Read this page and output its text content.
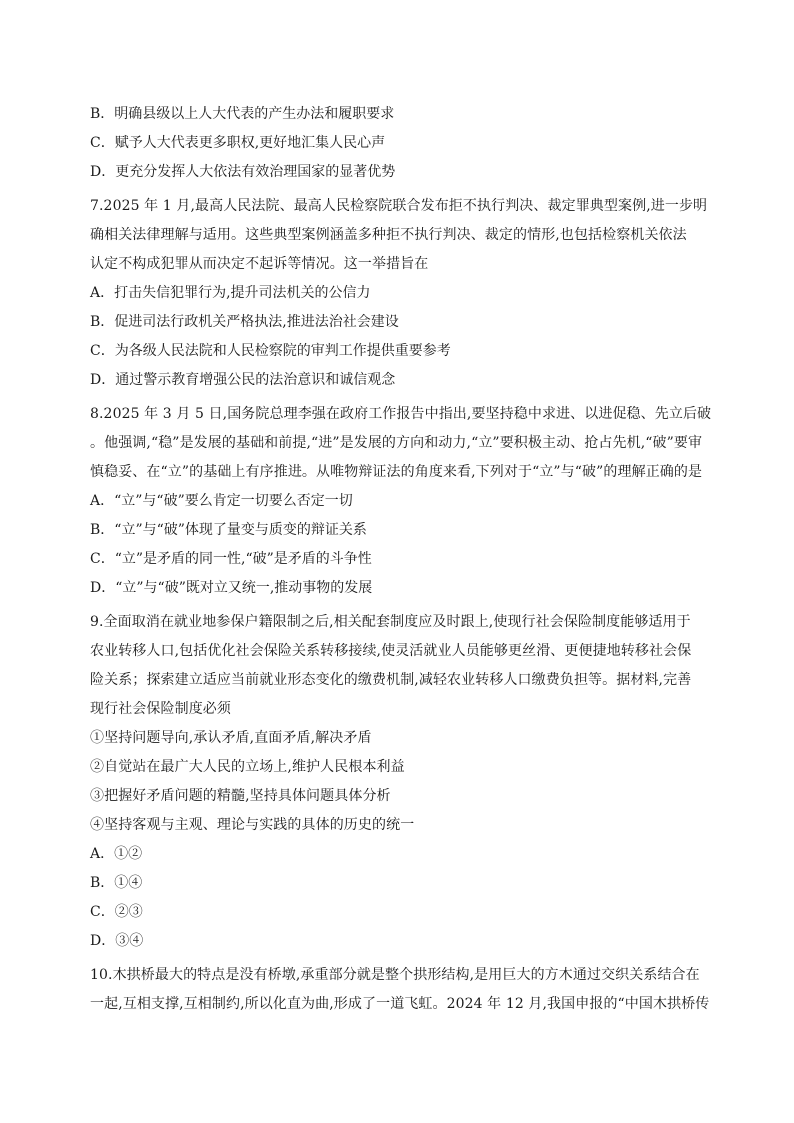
B．明确县级以上人大代表的产生办法和履职要求
C．赋予人大代表更多职权,更好地汇集人民心声
D．更充分发挥人大依法有效治理国家的显著优势
7.2025 年 1 月,最高人民法院、最高人民检察院联合发布拒不执行判决、裁定罪典型案例,进一步明
确相关法律理解与适用。这些典型案例涵盖多种拒不执行判决、裁定的情形,也包括检察机关依法
认定不构成犯罪从而决定不起诉等情况。这一举措旨在
A．打击失信犯罪行为,提升司法机关的公信力
B．促进司法行政机关严格执法,推进法治社会建设
C．为各级人民法院和人民检察院的审判工作提供重要参考
D．通过警示教育增强公民的法治意识和诚信观念
8.2025 年 3 月 5 日,国务院总理李强在政府工作报告中指出,要坚持稳中求进、以进促稳、先立后破
。他强调,“稳”是发展的基础和前提,“进”是发展的方向和动力,“立”要积极主动、抢占先机,“破”要审
慎稳妥、在“立”的基础上有序推进。从唯物辩证法的角度来看,下列对于“立”与“破”的理解正确的是
A．“立”与“破”要么肯定一切要么否定一切
B．“立”与“破”体现了量变与质变的辩证关系
C．“立”是矛盾的同一性,“破”是矛盾的斗争性
D．“立”与“破”既对立又统一,推动事物的发展
9.全面取消在就业地参保户籍限制之后,相关配套制度应及时跟上,使现行社会保险制度能够适用于
农业转移人口,包括优化社会保险关系转移接续,使灵活就业人员能够更丝滑、更便捷地转移社会保
险关系；探索建立适应当前就业形态变化的缴费机制,减轻农业转移人口缴费负担等。据材料,完善
现行社会保险制度必须
①坚持问题导向,承认矛盾,直面矛盾,解决矛盾
②自觉站在最广大人民的立场上,维护人民根本利益
③把握好矛盾问题的精髓,坚持具体问题具体分析
④坚持客观与主观、理论与实践的具体的历史的统一
A．①②
B．①④
C．②③
D．③④
10.木拱桥最大的特点是没有桥墩,承重部分就是整个拱形结构,是用巨大的方木通过交织关系结合在
一起,互相支撑,互相制约,所以化直为曲,形成了一道飞虹。2024 年 12 月,我国申报的“中国木拱桥传
